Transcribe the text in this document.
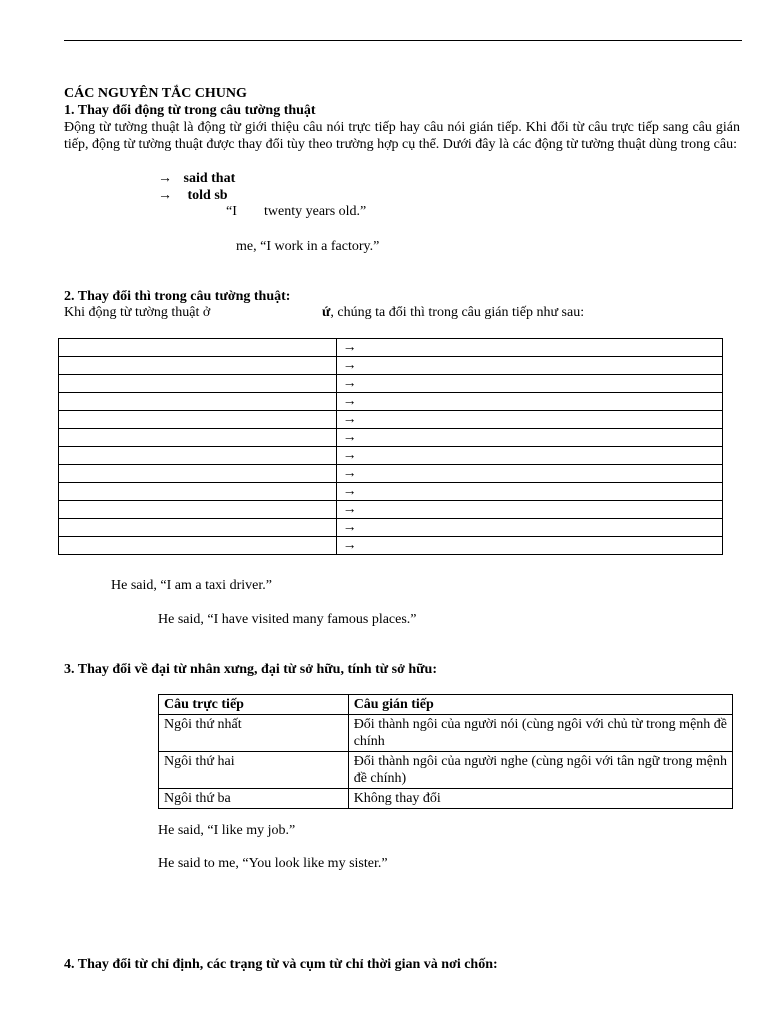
CÁC NGUYÊN TẮC CHUNG
1. Thay đổi động từ trong câu tường thuật
Động từ tường thuật là động từ giới thiệu câu nói trực tiếp hay câu nói gián tiếp. Khi đổi từ câu trực tiếp sang câu gián tiếp, động từ tường thuật được thay đổi tùy theo trường hợp cụ thể. Dưới đây là các động từ tường thuật dùng trong câu:
→ said that
→ told sb
“I twenty years old.”
me, “I work in a factory.”
2. Thay đổi thì trong câu tường thuật:
Khi động từ tường thuật ở	ứ, chúng ta đổi thì trong câu gián tiếp như sau:
	→
	→
	→
	→
	→
	→
	→
	→
	→
	→
	→
	→
He said, “I am a taxi driver.”
He said, “I have visited many famous places.”
3. Thay đổi về đại từ nhân xưng, đại từ sở hữu, tính từ sở hữu:
Câu trực tiếp	Câu gián tiếp
Ngôi thứ nhất	Đổi thành ngôi của người nói (cùng ngôi với chủ từ trong mệnh đề chính
Ngôi thứ hai	Đổi thành ngôi của người nghe (cùng ngôi với tân ngữ trong mệnh đề chính)
Ngôi thứ ba	Không thay đổi
He said, “I like my job.”
He said to me, “You look like my sister.”
4. Thay đổi từ chỉ định, các trạng từ và cụm từ chỉ thời gian và nơi chốn:
